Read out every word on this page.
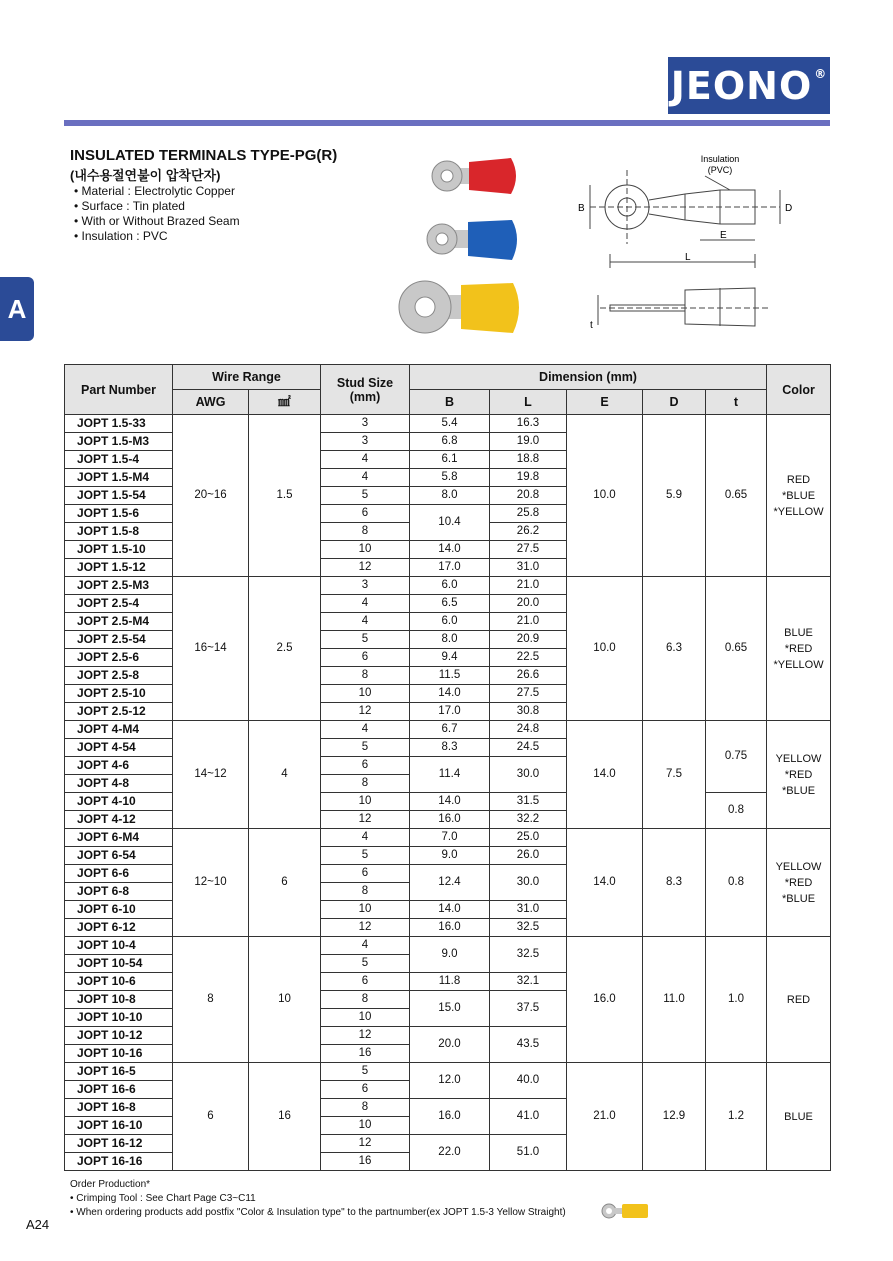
JEONO®
INSULATED TERMINALS TYPE-PG(R)
(내수용절연불이 압착단자)
• Material : Electrolytic Copper
• Surface : Tin plated
• With or Without Brazed Seam
• Insulation : PVC
A
Insulation
(PVC)
B	D
E
L
t
Part Number	Wire Range		Stud Size
(mm)	Dimension (mm)					Color
	AWG	㎟		B	L	E	D	t	
JOPT 1.5-33	20~16	1.5	3	5.4	16.3	10.0	5.9	0.65	RED
*BLUE
*YELLOW
JOPT 1.5-M3			3	6.8	19.0				
JOPT 1.5-4			4	6.1	18.8				
JOPT 1.5-M4			4	5.8	19.8				
JOPT 1.5-54			5	8.0	20.8				
JOPT 1.5-6			6	10.4	25.8				
JOPT 1.5-8			8		26.2				
JOPT 1.5-10			10	14.0	27.5				
JOPT 1.5-12			12	17.0	31.0				
JOPT 2.5-M3	16~14	2.5	3	6.0	21.0	10.0	6.3	0.65	BLUE
*RED
*YELLOW
JOPT 2.5-4			4	6.5	20.0				
JOPT 2.5-M4			4	6.0	21.0				
JOPT 2.5-54			5	8.0	20.9				
JOPT 2.5-6			6	9.4	22.5				
JOPT 2.5-8			8	11.5	26.6				
JOPT 2.5-10			10	14.0	27.5				
JOPT 2.5-12			12	17.0	30.8				
JOPT 4-M4	14~12	4	4	6.7	24.8	14.0	7.5	0.75	YELLOW
*RED
*BLUE
JOPT 4-54			5	8.3	24.5				
JOPT 4-6			6	11.4	30.0				
JOPT 4-8			8						
JOPT 4-10			10	14.0	31.5			0.8	
JOPT 4-12			12	16.0	32.2				
JOPT 6-M4	12~10	6	4	7.0	25.0	14.0	8.3	0.8	YELLOW
*RED
*BLUE
JOPT 6-54			5	9.0	26.0				
JOPT 6-6			6	12.4	30.0				
JOPT 6-8			8						
JOPT 6-10			10	14.0	31.0				
JOPT 6-12			12	16.0	32.5				
JOPT 10-4	8	10	4	9.0	32.5	16.0	11.0	1.0	RED
JOPT 10-54			5						
JOPT 10-6			6	11.8	32.1				
JOPT 10-8			8	15.0	37.5				
JOPT 10-10			10						
JOPT 10-12			12	20.0	43.5				
JOPT 10-16			16						
JOPT 16-5	6	16	5	12.0	40.0	21.0	12.9	1.2	BLUE
JOPT 16-6			6						
JOPT 16-8			8	16.0	41.0				
JOPT 16-10			10						
JOPT 16-12			12	22.0	51.0				
JOPT 16-16			16						
Order Production*
• Crimping Tool : See Chart Page C3~C11
• When ordering products add postfix "Color & Insulation type" to the partnumber(ex JOPT 1.5-3 Yellow Straight)
A24
